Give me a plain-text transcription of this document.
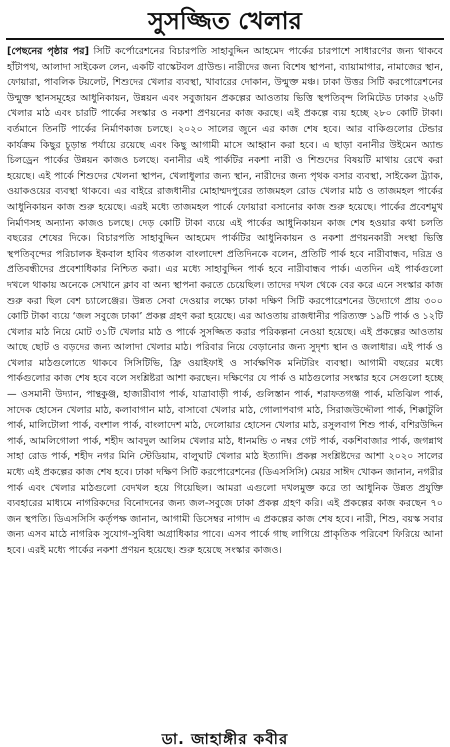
সুসজ্জিত খেলার
[পেছনের পৃষ্ঠার পর] সিটি কর্পোরেশনের বিচারপতি সাহাবুদ্দিন আহমেদ পার্কের চারপাশে সাধারণের জন্য থাকবে হাঁটাপথ, আলাদা সাইকেল লেন, একটি বাস্কেটবল গ্রাউন্ড। নারীদের জন্য বিশেষ স্থাপনা, ব্যায়ামাগার, নামাজের স্থান, ফোয়ারা, পাবলিক টয়লেট, শিশুদের খেলার ব্যবস্থা, খাবারের দোকান, উন্মুক্ত মঞ্চ। ঢাকা উত্তর সিটি করপোরেশনের উন্মুক্ত স্থানসমূহের আধুনিকায়ন, উন্নয়ন এবং সবুজায়ন প্রকল্পের আওতায় ভিত্তি স্থপতিবৃন্দ লিমিটেড ঢাকার ২৬টি খেলার মাঠ এবং চারটি পার্কের সংস্কার ও নকশা প্রণয়নের কাজ করছে। এই প্রকল্পে ব্যয় হচ্ছে ২৮০ কোটি টাকা। বর্তমানে তিনটি পার্কের নির্মাণকাজ চলছে। ২০২০ সালের জুনে এর কাজ শেষ হবে। আর বাকিগুলোর টেন্ডার কার্যক্রম কিছুর চূড়ান্ত পর্যায়ে রয়েছে এবং কিছু আগামী মাসে আহ্বান করা হবে। এ ছাড়া বনানীর উইমেন অ্যান্ড চিলড্রেন পার্কের উন্নয়ন কাজও চলছে। বনানীর এই পার্কটির নকশা নারী ও শিশুদের বিষয়টি মাথায় রেখে করা হয়েছে। এই পার্কে শিশুদের খেলনা স্থাপন, খেলাধুলার জন্য স্থান, নারীদের জন্য পৃথক বসার ব্যবস্থা, সাইকেল ট্র্যাক, ওয়াকওয়ের ব্যবস্থা থাকবে। এর বাইরে রাজধানীর মোহাম্মদপুরের তাজমহল রোড খেলার মাঠ ও তাজমহল পার্কের আধুনিকায়ন কাজ শুরু হয়েছে। এরই মধ্যে তাজমহল পার্কে ফোয়ারা বসানোর কাজ শুরু হয়েছে। পার্কের প্রবেশমুখ নির্মাণসহ অন্যান্য কাজও চলছে। দেড় কোটি টাকা ব্যয়ে এই পার্কের আধুনিকায়ন কাজ শেষ হওয়ার কথা চলতি বছরের শেষের দিকে। বিচারপতি সাহাবুদ্দিন আহমেদ পার্কটির আধুনিকায়ন ও নকশা প্রণয়নকারী সংস্থা ভিত্তি স্থপতিবৃন্দের পরিচালক ইকবাল হাবিব গতকাল বাংলাদেশ প্রতিদিনকে বলেন, প্রতিটি পার্ক হবে নারীবান্ধব, দরিদ্র ও প্রতিবন্ধীদের প্রবেশাধিকার নিশ্চিত করা। এর মধ্যে সাহাবুদ্দিন পার্ক হবে নারীবান্ধব পার্ক। এতদিন এই পার্কগুলো দখলে থাকায় অনেকে সেখানে ক্লাব বা অন্য স্থাপনা করতে চেয়েছিল। তাদের দখল থেকে বের করে এনে সংস্কার কাজ শুরু করা ছিল বেশ চ্যালেঞ্জের। উন্নত সেবা দেওয়ার লক্ষ্যে ঢাকা দক্ষিণ সিটি করপোরেশনের উদ্যোগে প্রায় ৩০০ কোটি টাকা ব্যয়ে ‘জল সবুজে ঢাকা’ প্রকল্প গ্রহণ করা হয়েছে। এর আওতায় রাজধানীর পরিত্যক্ত ১৯টি পার্ক ও ১২টি খেলার মাঠ নিয়ে মোট ৩১টি খেলার মাঠ ও পার্কে সুসজ্জিত করার পরিকল্পনা নেওয়া হয়েছে। এই প্রকল্পের আওতায় আছে ছোট ও বড়দের জন্য আলাদা খেলার মাঠ। পরিবার নিয়ে বেড়ানোর জন্য সুদৃশ্য স্থান ও জলাধার। এই পার্ক ও খেলার মাঠগুলোতে থাকবে সিসিটিভি, ফ্রি ওয়াইফাই ও সার্বক্ষণিক মনিটরিং ব্যবস্থা। আগামী বছরের মধ্যে পার্কগুলোর কাজ শেষ হবে বলে সংশ্লিষ্টরা আশা করছেন। দক্ষিণের যে পার্ক ও মাঠগুলোর সংস্কার হবে সেগুলো হচ্ছে— ওসমানী উদ্যান, পান্থকুঞ্জ, হাজারীবাগ পার্ক, যাত্রাবাড়ী পার্ক, গুলিস্তান পার্ক, শরাফতগঞ্জ পার্ক, মতিঝিল পার্ক, সাদেক হোসেন খেলার মাঠ, কলাবাগান মাঠ, বাসাবো খেলার মাঠ, গোলাপবাগ মাঠ, সিরাজউদ্দৌলা পার্ক, শিক্কাটুলি পার্ক, মালিটোলা পার্ক, বংশাল পার্ক, বাংলাদেশ মাঠ, দেলোয়ার হোসেন খেলার মাঠ, রসুলবাগ শিশু পার্ক, বশিরউদ্দিন পার্ক, আমলিগোলা পার্ক, শহীদ আবদুল আলিম খেলার মাঠ, ধানমন্ডি ৩ নম্বর গেট পার্ক, বকশিবাজার পার্ক, জগন্নাথ সাহা রোড পার্ক, শহীদ নগর মিনি স্টেডিয়াম, বালুঘাট খেলার মাঠ ইত্যাদি। প্রকল্প সংশ্লিষ্টদের আশা ২০২০ সালের মধ্যে এই প্রকল্পের কাজ শেষ হবে। ঢাকা দক্ষিণ সিটি করপোরেশনের (ডিএসসিসি) মেয়র সাঈদ খোকন জানান, নগরীর পার্ক এবং খেলার মাঠগুলো বেদখল হয়ে গিয়েছিল। আমরা এগুলো দখলমুক্ত করে তা আধুনিক উন্নত প্রযুক্তি ব্যবহারের মাধ্যমে নাগরিকদের বিনোদনের জন্য জল-সবুজে ঢাকা প্রকল্প গ্রহণ করি। এই প্রকল্পের কাজ করছেন ৭০ জন স্থপতি। ডিএসসিসি কর্তৃপক্ষ জানান, আগামী ডিসেম্বর নাগাদ এ প্রকল্পের কাজ শেষ হবে। নারী, শিশু, বয়স্ক সবার জন্য এসব মাঠে নাগরিক সুযোগ-সুবিধা অগ্রাধিকার পাবে। এসব পার্কে গাছ লাগিয়ে প্রাকৃতিক পরিবেশ ফিরিয়ে আনা হবে। এরই মধ্যে পার্কের নকশা প্রণয়ন হয়েছে। শুরু হয়েছে সংস্কার কাজও।
ডা. জাহাঙ্গীর কবীর
